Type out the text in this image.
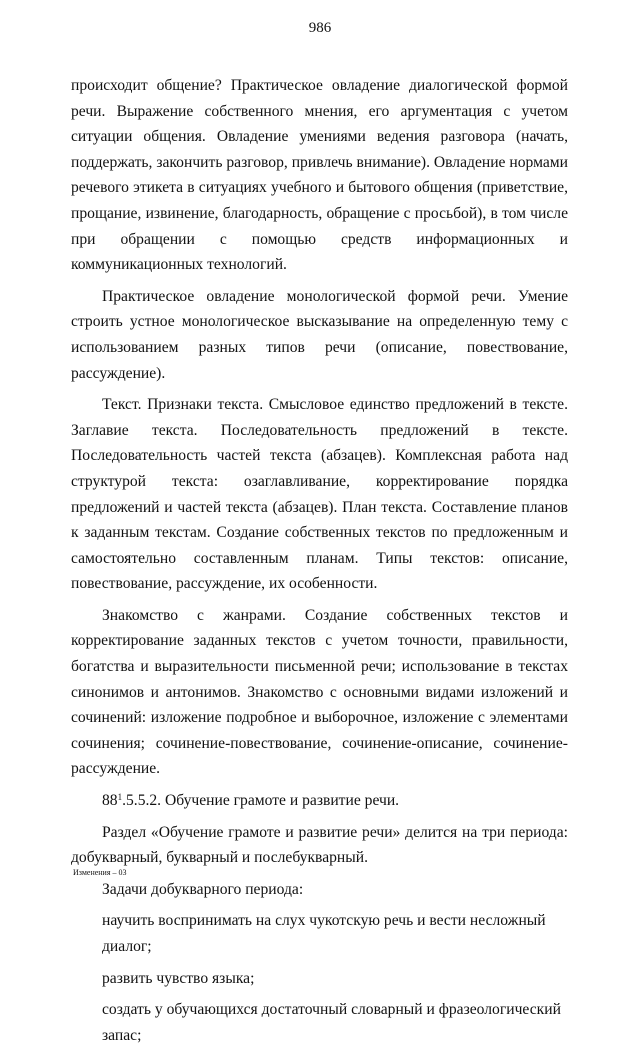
986

происходит общение? Практическое овладение диалогической формой речи. Выражение собственного мнения, его аргументация с учетом ситуации общения. Овладение умениями ведения разговора (начать, поддержать, закончить разговор, привлечь внимание). Овладение нормами речевого этикета в ситуациях учебного и бытового общения (приветствие, прощание, извинение, благодарность, обращение с просьбой), в том числе при обращении с помощью средств информационных и коммуникационных технологий.

Практическое овладение монологической формой речи. Умение строить устное монологическое высказывание на определенную тему с использованием разных типов речи (описание, повествование, рассуждение).

Текст. Признаки текста. Смысловое единство предложений в тексте. Заглавие текста. Последовательность предложений в тексте. Последовательность частей текста (абзацев). Комплексная работа над структурой текста: озаглавливание, корректирование порядка предложений и частей текста (абзацев). План текста. Составление планов к заданным текстам. Создание собственных текстов по предложенным и самостоятельно составленным планам. Типы текстов: описание, повествование, рассуждение, их особенности.

Знакомство с жанрами. Создание собственных текстов и корректирование заданных текстов с учетом точности, правильности, богатства и выразительности письменной речи; использование в текстах синонимов и антонимов. Знакомство с основными видами изложений и сочинений: изложение подробное и выборочное, изложение с элементами сочинения; сочинение-повествование, сочинение-описание, сочинение-рассуждение.

$88^1.5.5.2$. Обучение грамоте и развитие речи.

Раздел «Обучение грамоте и развитие речи» делится на три периода: добукварный, букварный и послебукварный.

Задачи добукварного периода:

научить воспринимать на слух чукотскую речь и вести несложный диалог;

развить чувство языка;

создать у обучающихся достаточный словарный и фразеологический запас;

Изменения – 03
